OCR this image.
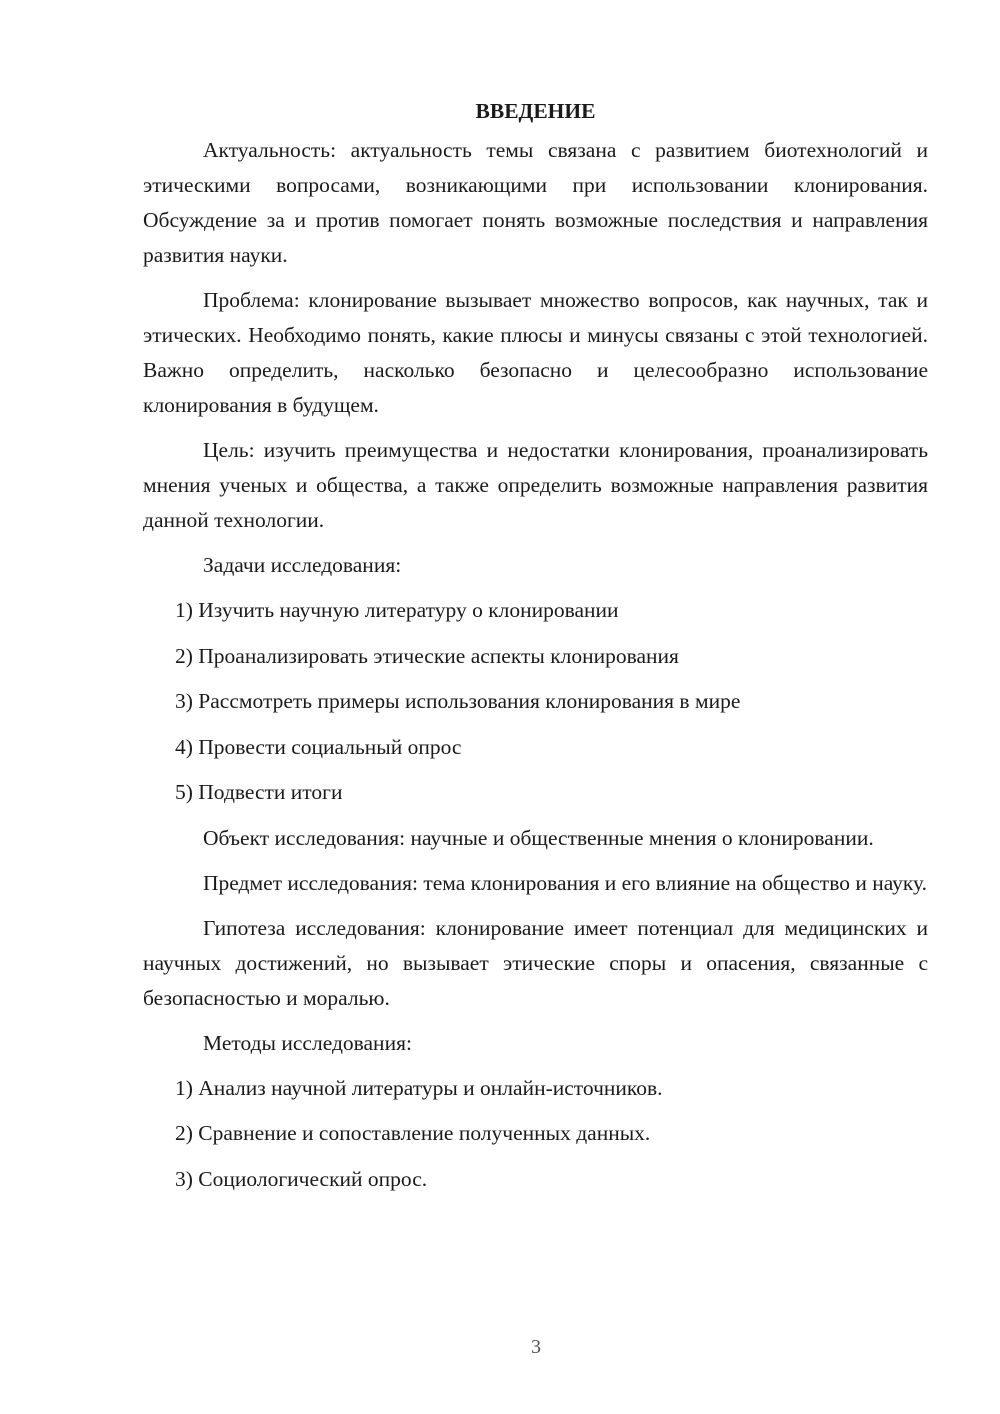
ВВЕДЕНИЕ

Актуальность: актуальность темы связана с развитием биотехнологий и этическими вопросами, возникающими при использовании клонирования. Обсуждение за и против помогает понять возможные последствия и направления развития науки.

Проблема: клонирование вызывает множество вопросов, как научных, так и этических. Необходимо понять, какие плюсы и минусы связаны с этой технологией. Важно определить, насколько безопасно и целесообразно использование клонирования в будущем.

Цель: изучить преимущества и недостатки клонирования, проанализировать мнения ученых и общества, а также определить возможные направления развития данной технологии.

Задачи исследования:

1) Изучить научную литературу о клонировании
2) Проанализировать этические аспекты клонирования
3) Рассмотреть примеры использования клонирования в мире
4) Провести социальный опрос
5) Подвести итоги

Объект исследования: научные и общественные мнения о клонировании.

Предмет исследования: тема клонирования и его влияние на общество и науку.

Гипотеза исследования: клонирование имеет потенциал для медицинских и научных достижений, но вызывает этические споры и опасения, связанные с безопасностью и моралью.

Методы исследования:

1) Анализ научной литературы и онлайн-источников.
2) Сравнение и сопоставление полученных данных.
3) Социологический опрос.
3
